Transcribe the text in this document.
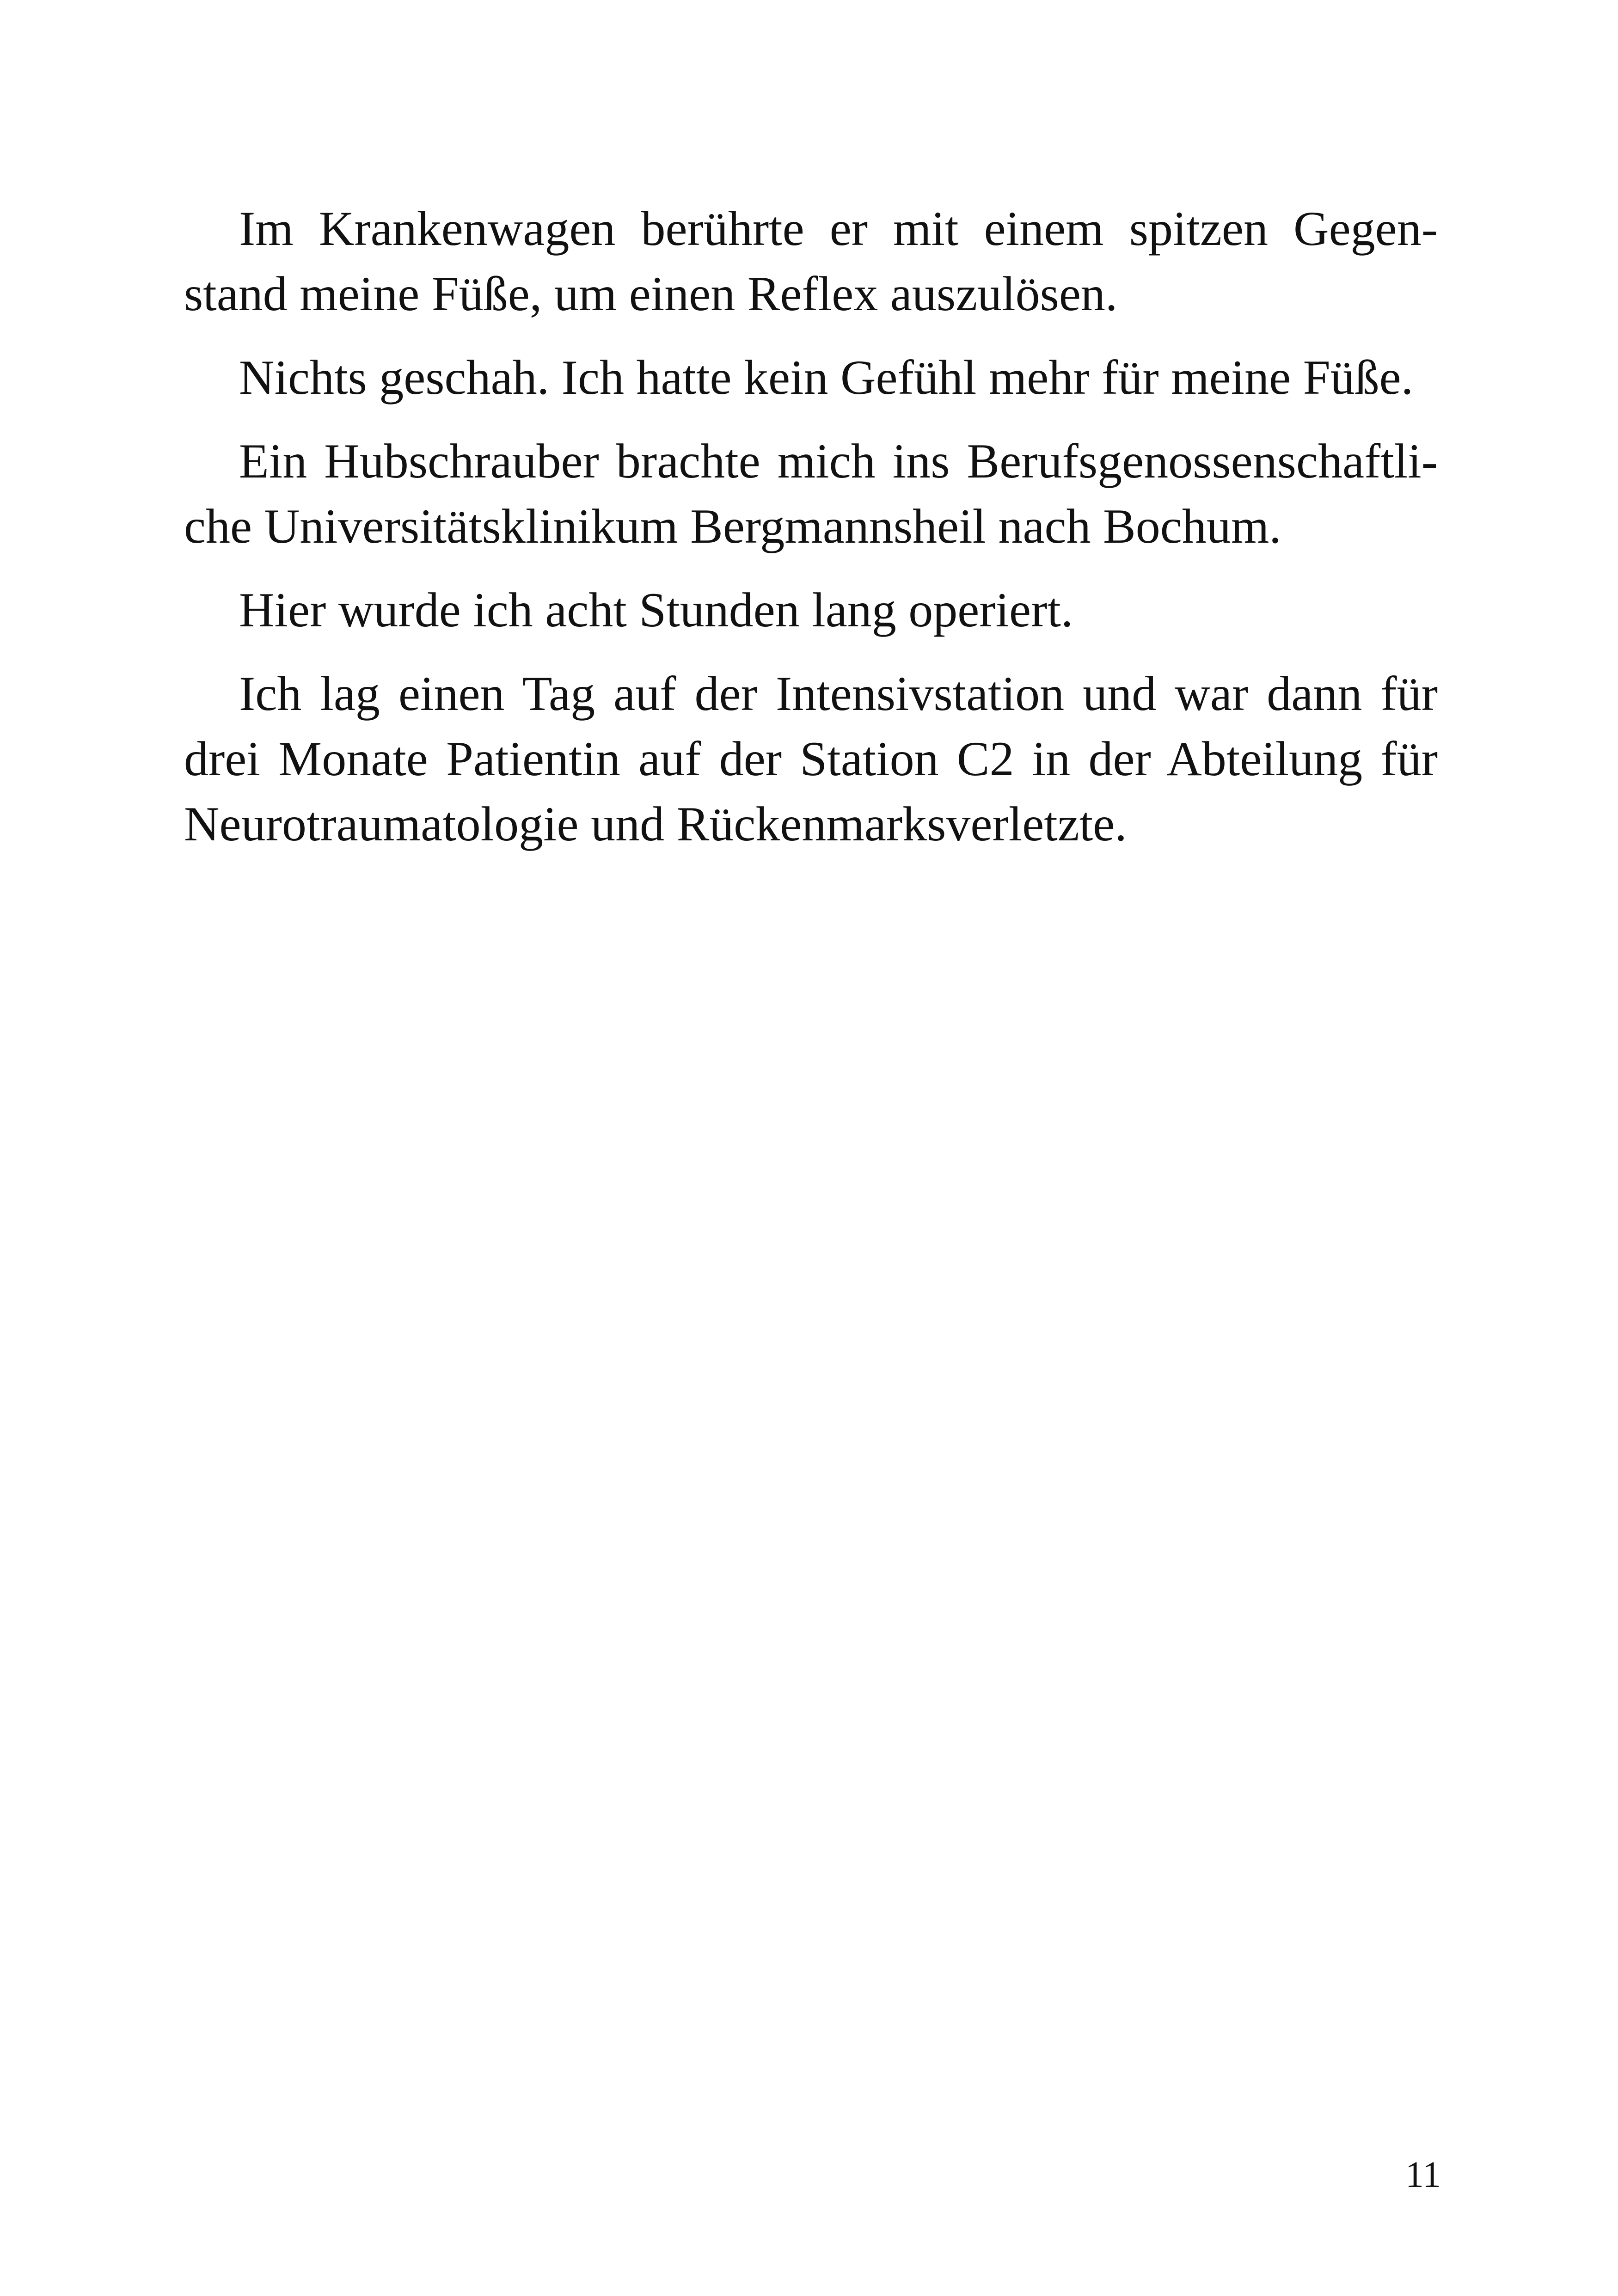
Im Krankenwagen berührte er mit einem spitzen Gegen-
stand meine Füße, um einen Reflex auszulösen.

Nichts geschah. Ich hatte kein Gefühl mehr für meine Füße.

Ein Hubschrauber brachte mich ins Berufsgenossenschaftli-
che Universitätsklinikum Bergmannsheil nach Bochum.

Hier wurde ich acht Stunden lang operiert.

Ich lag einen Tag auf der Intensivstation und war dann für
drei Monate Patientin auf der Station C2 in der Abteilung für
Neurotraumatologie und Rückenmarksverletzte.

11
